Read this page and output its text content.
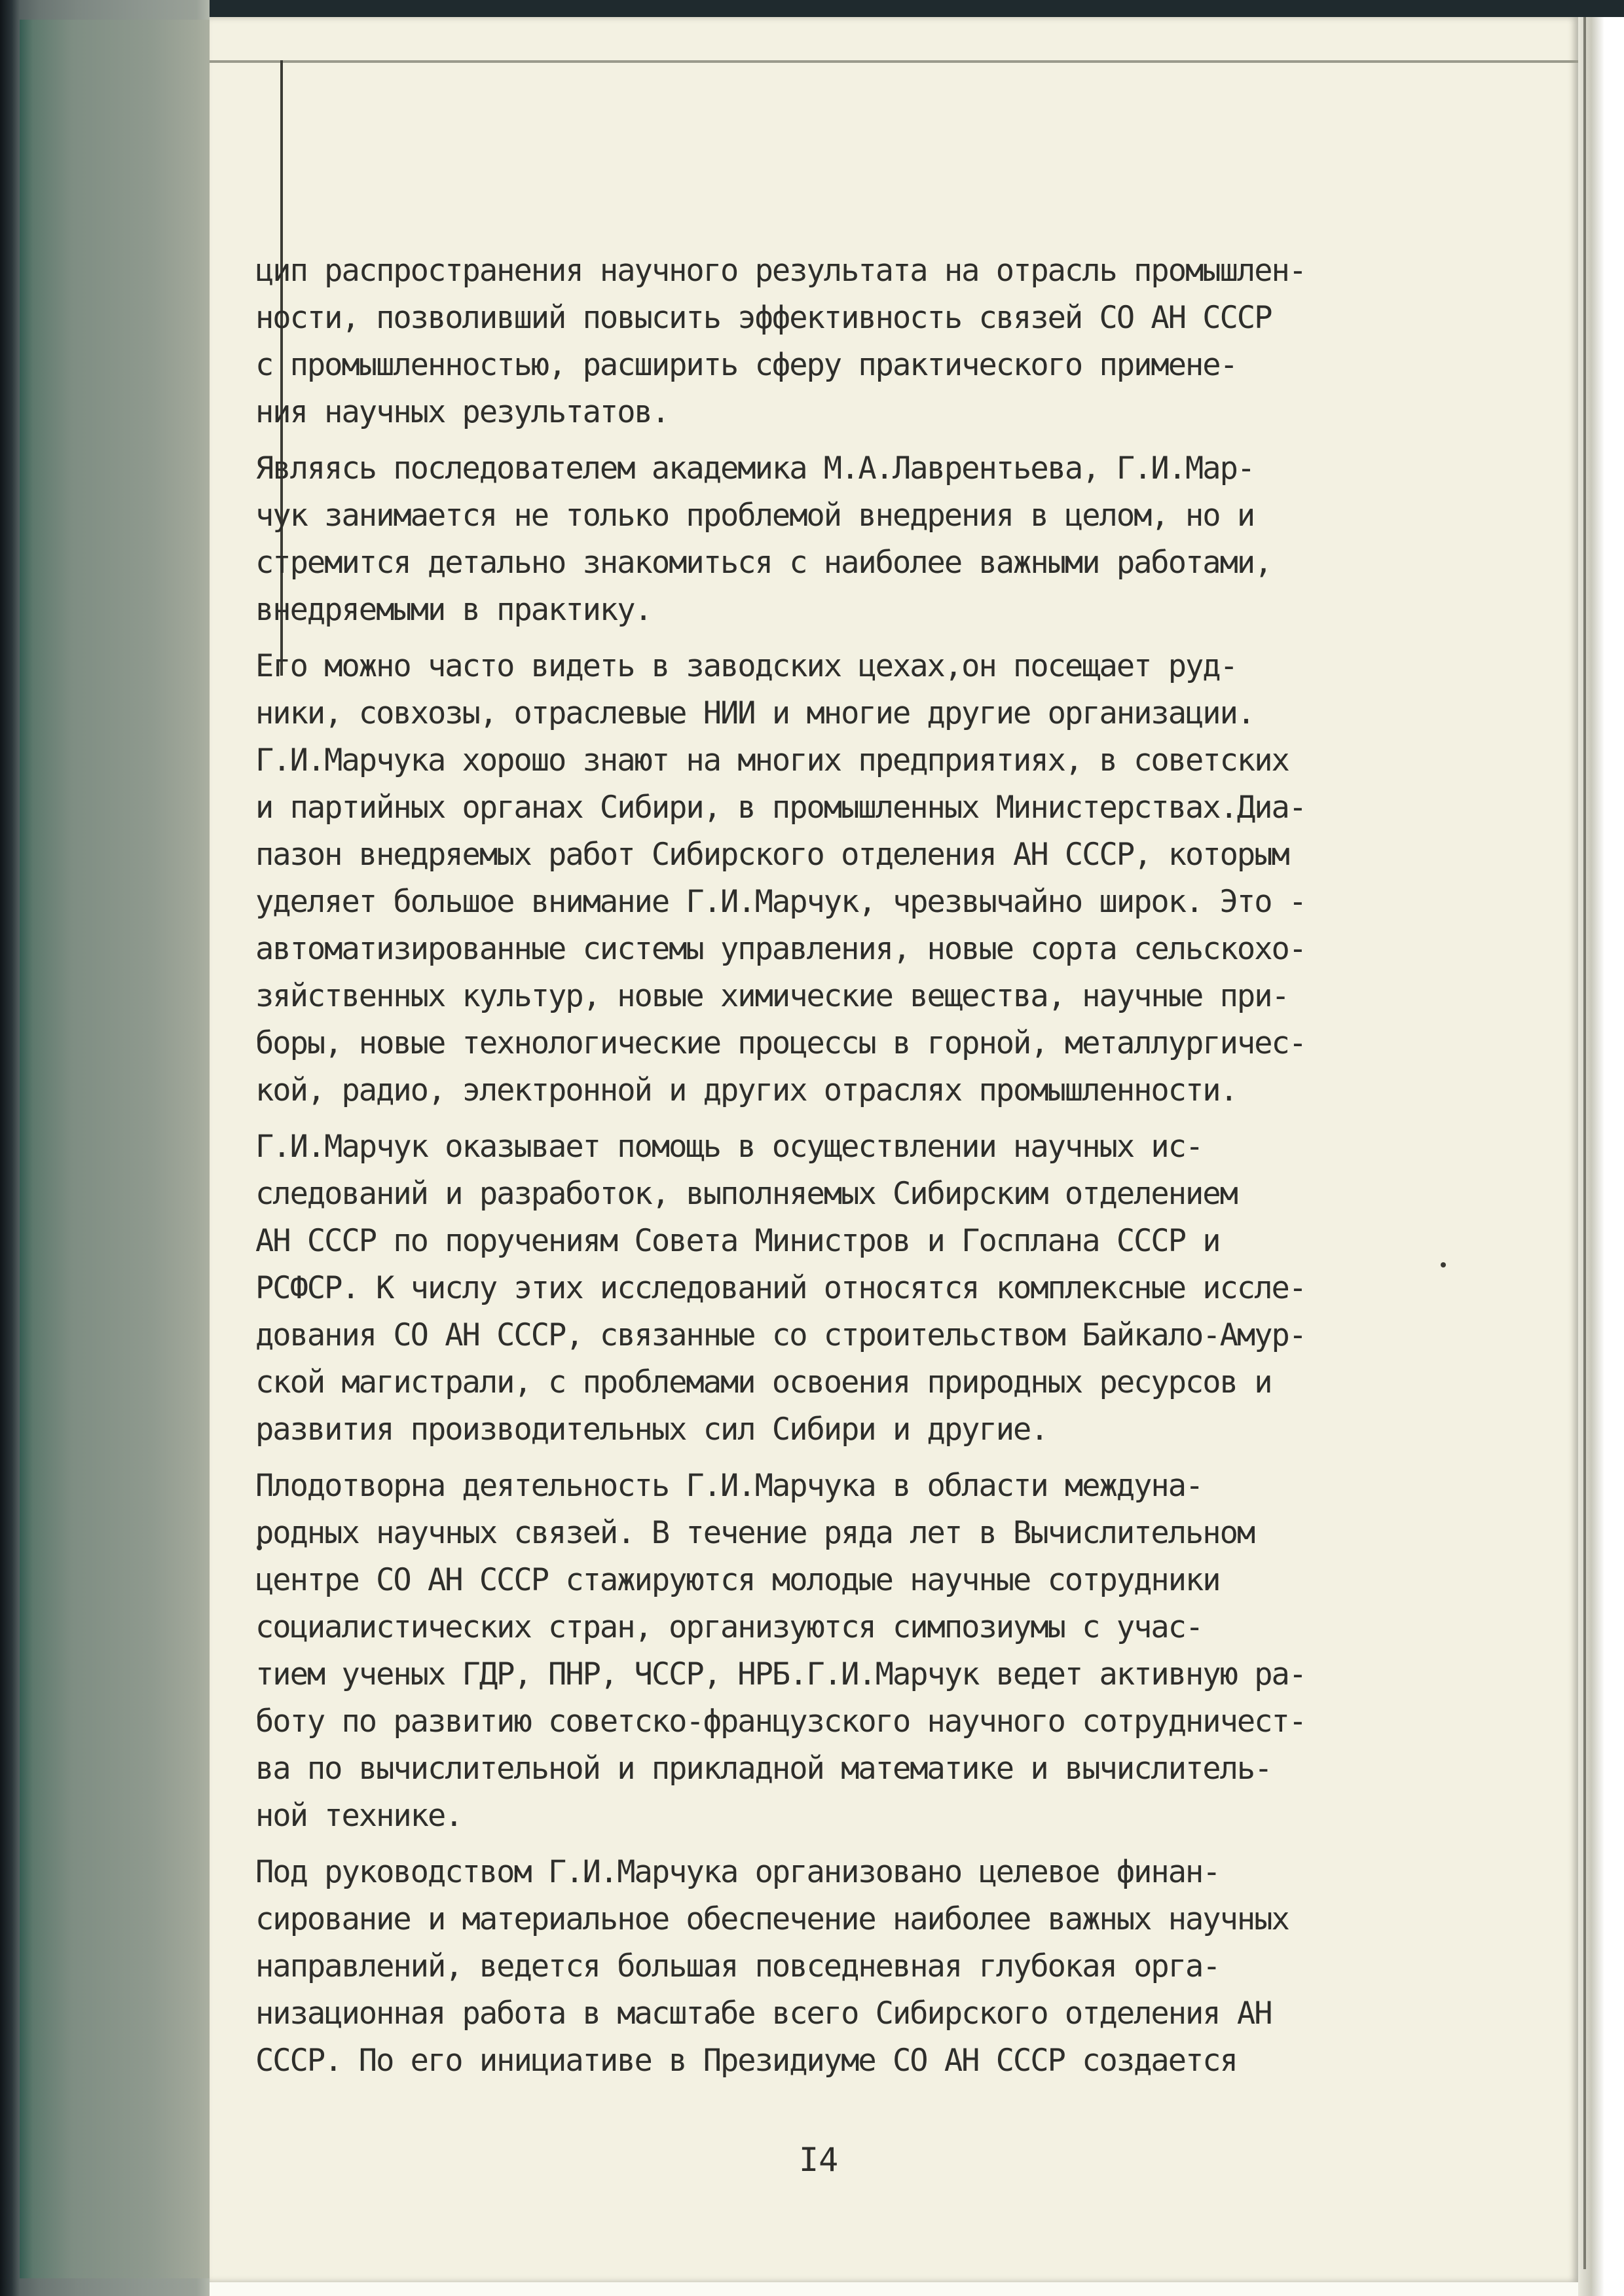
цип распространения научного результата на отрасль промышлен-
ности, позволивший повысить эффективность связей СО АН СССР
с промышленностью, расширить сферу практического примене-
ния научных результатов.
Являясь последователем академика М.А.Лаврентьева, Г.И.Мар-
чук занимается не только проблемой внедрения в целом, но и
стремится детально знакомиться с наиболее важными работами,
внедряемыми в практику.
Его можно часто видеть в заводских цехах,он посещает руд-
ники, совхозы, отраслевые НИИ и многие другие организации.
Г.И.Марчука хорошо знают на многих предприятиях, в советских
и партийных органах Сибири, в промышленных Министерствах.Диа-
пазон внедряемых работ Сибирского отделения АН СССР, которым
уделяет большое внимание Г.И.Марчук, чрезвычайно широк. Это -
автоматизированные системы управления, новые сорта сельскохо-
зяйственных культур, новые химические вещества, научные при-
боры, новые технологические процессы в горной, металлургичес-
кой, радио, электронной и других отраслях промышленности.
Г.И.Марчук оказывает помощь в осуществлении научных ис-
следований и разработок, выполняемых Сибирским отделением
АН СССР по поручениям Совета Министров и Госплана СССР и
РСФСР. К числу этих исследований относятся комплексные иссле-
дования СО АН СССР, связанные со строительством Байкало-Амур-
ской магистрали, с проблемами освоения природных ресурсов и
развития производительных сил Сибири и другие.
Плодотворна деятельность Г.И.Марчука в области междуна-
родных научных связей. В течение ряда лет в Вычислительном
центре СО АН СССР стажируются молодые научные сотрудники
социалистических стран, организуются симпозиумы с учас-
тием ученых ГДР, ПНР, ЧССР, НРБ.Г.И.Марчук ведет активную ра-
боту по развитию советско-французского научного сотрудничест-
ва по вычислительной и прикладной математике и вычислитель-
ной технике.
Под руководством Г.И.Марчука организовано целевое финан-
сирование и материальное обеспечение наиболее важных научных
направлений, ведется большая повседневная глубокая орга-
низационная работа в масштабе всего Сибирского отделения АН
СССР. По его инициативе в Президиуме СО АН СССР создается
I4
